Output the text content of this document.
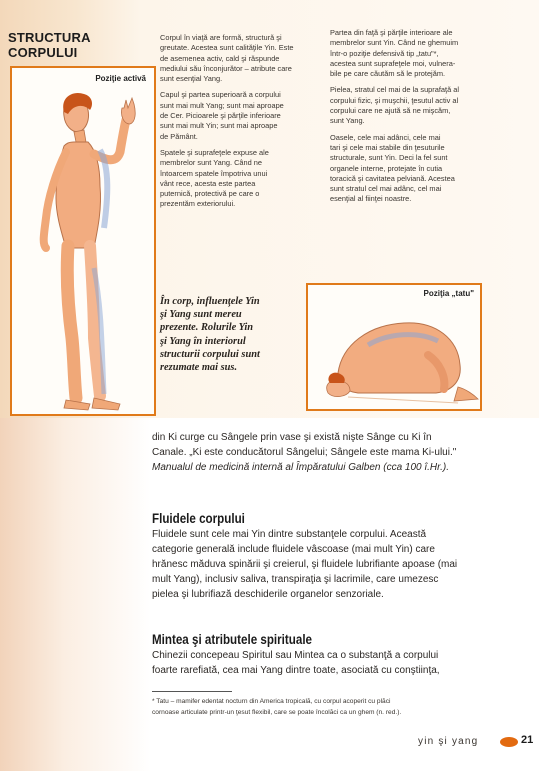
STRUCTURA
CORPULUI
Poziţie activă

Corpul în viaţă are formă, structură şi
greutate. Acestea sunt calităţile Yin. Este
de asemenea activ, cald şi răspunde
mediului său înconjurător – atribute care
sunt esenţial Yang.

Capul şi partea superioară a corpului
sunt mai mult Yang; sunt mai aproape
de Cer. Picioarele şi părţile inferioare
sunt mai mult Yin; sunt mai aproape
de Pământ.

Spatele şi suprafeţele expuse ale
membrelor sunt Yang. Când ne
întoarcem spatele împotriva unui
vânt rece, acesta este partea
puternică, protectivă pe care o
prezentăm exteriorului.

Partea din faţă şi părţile interioare ale
membrelor sunt Yin. Când ne ghemuim
într-o poziţie defensivă tip „tatu"*,
acestea sunt suprafeţele moi, vulnera-
bile pe care căutăm să le protejăm.

Pielea, stratul cel mai de la suprafaţă al
corpului fizic, şi muşchii, ţesutul activ al
corpului care ne ajută să ne mişcăm,
sunt Yang.

Oasele, cele mai adânci, cele mai
tari şi cele mai stabile din ţesuturile
structurale, sunt Yin. Deci la fel sunt
organele interne, protejate în cutia
toracică şi cavitatea pelviană. Acestea
sunt stratul cel mai adânc, cel mai
esenţial al fiinţei noastre.

În corp, influenţele Yin
şi Yang sunt mereu
prezente. Rolurile Yin
şi Yang în interiorul
structurii corpului sunt
rezumate mai sus.
Poziţia „tatu"
din Ki curge cu Sângele prin vase şi există nişte Sânge cu Ki în
Canale. „Ki este conducătorul Sângelui; Sângele este mama Ki-ului."
Manualul de medicină internă al Împăratului Galben (cca 100 î.Hr.).
Fluidele corpului
Fluidele sunt cele mai Yin dintre substanţele corpului. Această
categorie generală include fluidele vâscoase (mai mult Yin) care
hrănesc măduva spinării şi creierul, şi fluidele lubrifiante apoase (mai
mult Yang), inclusiv saliva, transpiraţia şi lacrimile, care umezesc
pielea şi lubrifiază deschiderile organelor senzoriale.
Mintea şi atributele spirituale
Chinezii concepeau Spiritul sau Mintea ca o substanţă a corpului
foarte rarefiată, cea mai Yang dintre toate, asociată cu conştiinţa,
* Tatu – mamifer edentat nocturn din America tropicală, cu corpul acoperit cu plăci
cornoase articulate printr-un ţesut flexibil, care se poate încolăci ca un ghem (n. red.).
yin şi yang	21
